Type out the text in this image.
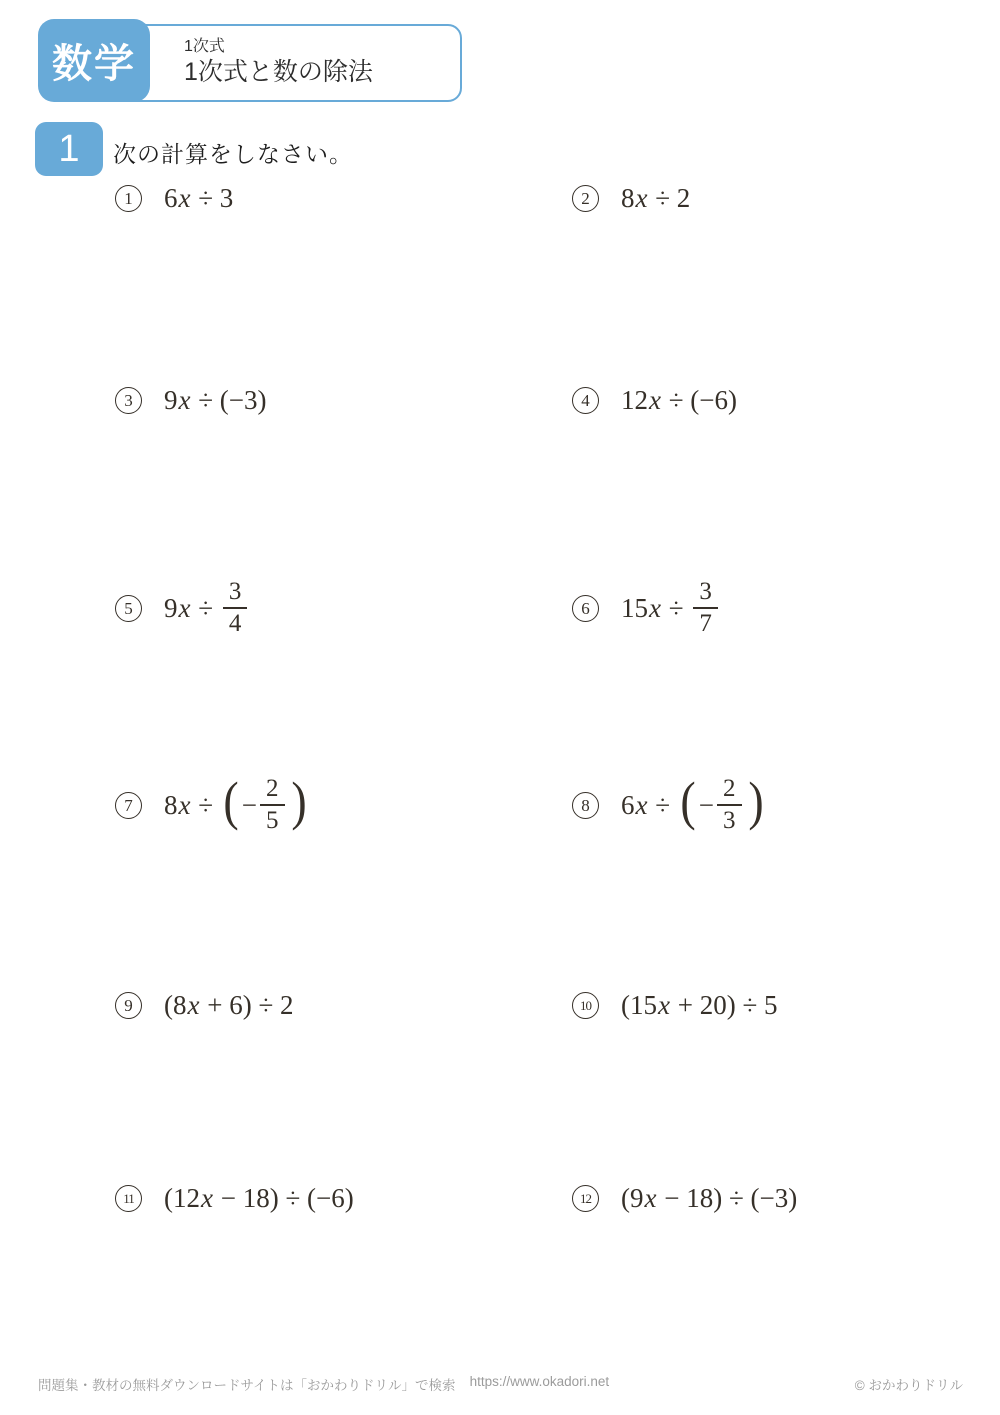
1次式
1次式と数の除法
数学
1	次の計算をしなさい。
1	6 x ÷ 3	2	8 x ÷ 2
3	9 x ÷ (−3)	4	12 x ÷ (−6)
5	9 $x \div \frac{3}{4}$	6	15 $x \div \frac{3}{7}$
7	8 x ÷ ( − $\frac{2}{5}$ )	8	6 x ÷ ( − $\frac{2}{3}$ )
9	(8 x + 6) ÷ 2	10 (15 x + 20) ÷ 5
11	(12 x − 18) ÷ (−6)	12 (9 x − 18) ÷ (−3)
問題集・教材の無料ダウンロードサイトは「おかわりドリル」で検索 https://www.okadori.net	© おかわりドリル
